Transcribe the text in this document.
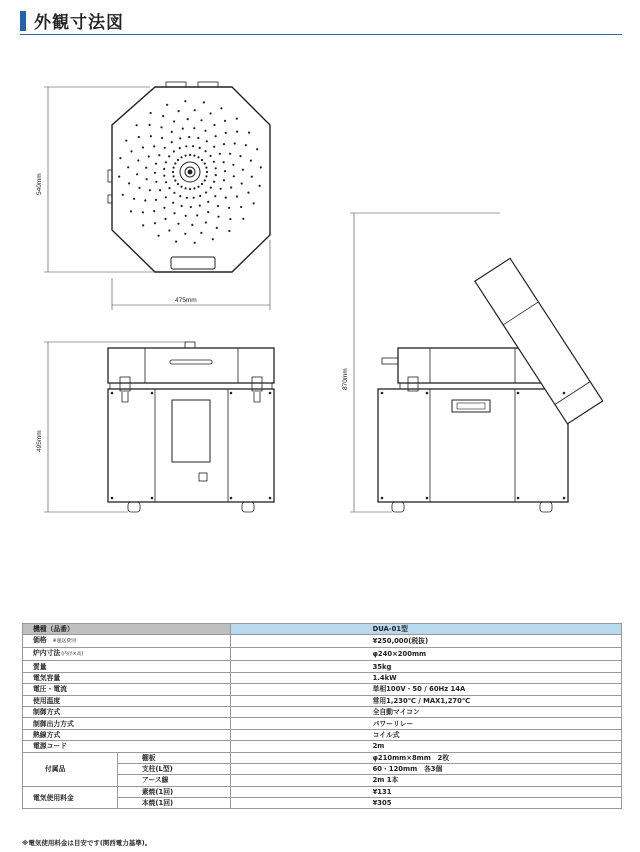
外観寸法図
540mm
475mm
495mm
870mm
機種（品番）		DUA-01型
価格 ※運送費別		¥250,000(税抜)
炉内寸法(内径×高)		φ240×200mm
質量		35kg
電気容量		1.4kW
電圧・電流		単相100V・50 / 60Hz 14A
使用温度		常用1,230℃ / MAX1,270℃
制御方式		全自動マイコン
制御出力方式		パワーリレー
熱線方式		コイル式
電源コード		2m
付属品	棚板	φ210mm×8mm　2枚
	支柱(L型)	60・120mm　各3個
	アース線	2m 1本
電気使用料金	素焼(1回)	¥131
	本焼(1回)	¥305
※電気使用料金は目安です(関西電力基準)。
